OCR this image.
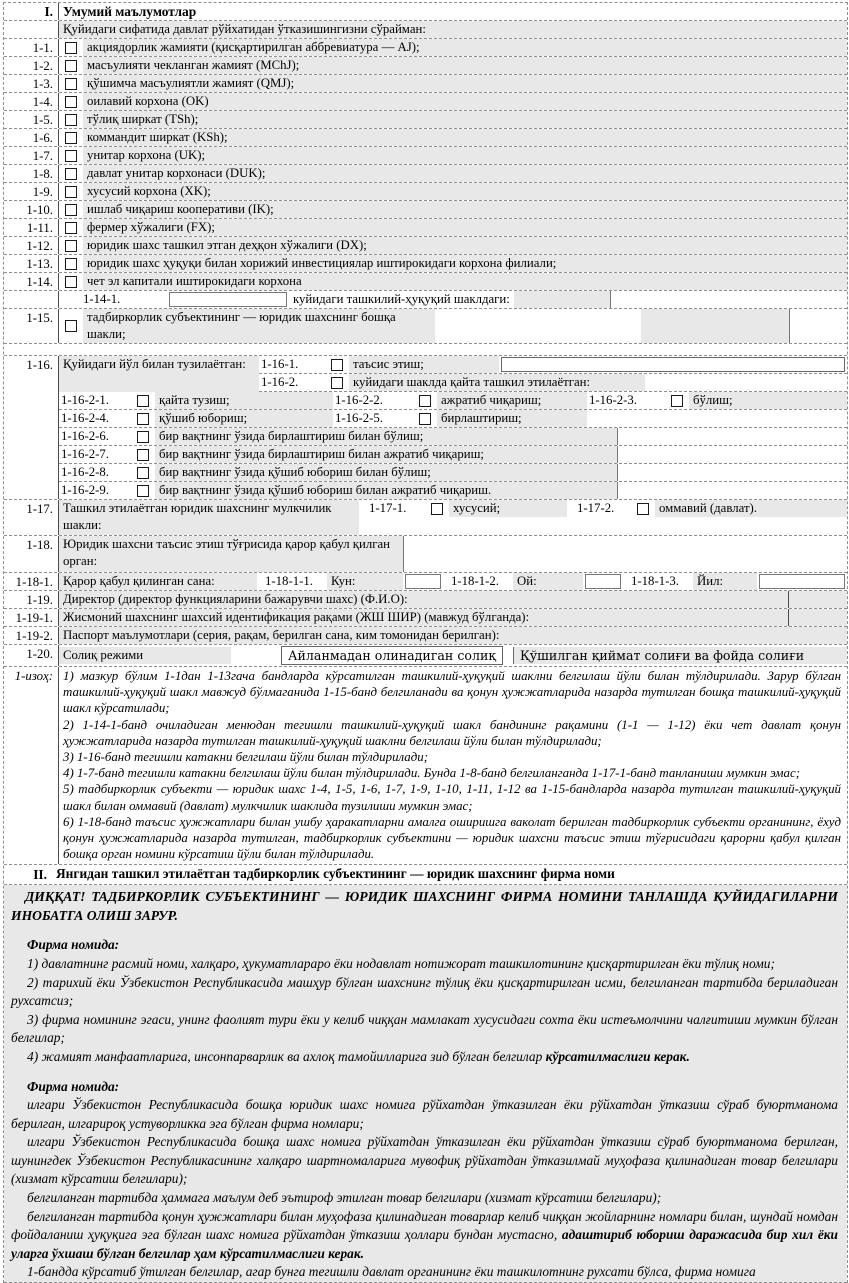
I. Умумий маълумотлар
Қуйидаги сифатида давлат рўйхатидан ўтказишингизни сўрайман:
1-1.	акциядорлик жамияти (қисқартирилган аббревиатура — AJ);
1-2.	масъулияти чекланган жамият (MChJ);
1-3.	қўшимча масъулиятли жамият (QMJ);
1-4.	оилавий корхона (OK)
1-5.	тўлиқ ширкат (TSh);
1-6.	коммандит ширкат (KSh);
1-7.	унитар корхона (UK);
1-8.	давлат унитар корхонаси (DUK);
1-9.	хусусий корхона (XK);
1-10.	ишлаб чиқариш кооперативи (IK);
1-11.	фермер хўжалиги (FX);
1-12.	юридик шахс ташкил этган деҳқон хўжалиги (DX);
1-13.	юридик шахс ҳуқуқи билан хорижий инвестициялар иштирокидаги корхона филиали;
1-14.	чет эл капитали иштирокидаги корхона
1-14-1.	куйидаги ташкилий-ҳуқуқий шаклдаги:
1-15.	тадбиркорлик субъектининг — юридик шахснинг бошқа шакли;
1-16. Қуйидаги йўл билан тузилаётган:	1-16-1.	таъсис этиш;
1-16-2.	куйидаги шаклда қайта ташкил этилаётган:
1-16-2-1.	қайта тузиш;	1-16-2-2.	ажратиб чиқариш;	1-16-2-3.	бўлиш;
1-16-2-4.	қўшиб юбориш;	1-16-2-5.	бирлаштириш;
1-16-2-6.	бир вақтнинг ўзида бирлаштириш билан бўлиш;
1-16-2-7.	бир вақтнинг ўзида бирлаштириш билан ажратиб чиқариш;
1-16-2-8.	бир вақтнинг ўзида қўшиб юбориш билан бўлиш;
1-16-2-9.	бир вақтнинг ўзида қўшиб юбориш билан ажратиб чиқариш.
1-17. Ташкил этилаётган юридик шахснинг мулкчилик шакли:
1-17-1.	хусусий;	1-17-2.	оммавий (давлат).
1-18. Юридик шахсни таъсис этиш тўғрисида қарор қабул қилган орган:
1-18-1. Қарор қабул қилинган сана:	1-18-1-1.	Кун:	1-18-1-2.	Ой:	1-18-1-3.	Йил:
1-19. Директор (директор функцияларини бажарувчи шахс) (Ф.И.О):
1-19-1. Жисмоний шахснинг шахсий идентификация рақами (ЖШ ШИР) (мавжуд бўлганда):
1-19-2. Паспорт маълумотлари (серия, рақам, берилган сана, ким томонидан берилган):
1-20. Солиқ режими	Айланмадан олинадиган солиқ	Қўшилган қиймат солиғи ва фойда солиғи
1-изоҳ: 1) мазкур бўлим 1-1дан 1-13гача бандларда кўрсатилган ташкилий-ҳуқуқий шаклни белгилаш йўли билан тўлдирилади. Зарур бўлган ташкилий-ҳуқуқий шакл мавжуд бўлмаганида 1-15-банд белгиланади ва қонун ҳужжатларида назарда тутилган бошқа ташкилий-ҳуқуқий шакл кўрсатилади;

2) 1-14-1-банд очиладиган менюдан тегишли ташкилий-ҳуқуқий шакл бандининг рақамини (1-1 — 1-12) ёки чет давлат қонун ҳужжатларида назарда тутилган ташкилий-ҳуқуқий шаклни белгилаш йўли билан тўлдирилади;

3) 1-16-банд тегишли катакни белгилаш йўли билан тўлдирилади;

4) 1-7-банд тегишли катакни белгилаш йўли билан тўлдирилади. Бунда 1-8-банд белгиланганда 1-17-1-банд танланиши мумкин эмас;

5) тадбиркорлик субъекти — юридик шахс 1-4, 1-5, 1-6, 1-7, 1-9, 1-10, 1-11, 1-12 ва 1-15-бандларда назарда тутилган ташкилий-ҳуқуқий шакл билан оммавий (давлат) мулкчилик шаклида тузилиши мумкин эмас;

6) 1-18-банд таъсис ҳужжатлари билан ушбу ҳаракатларни амалга оширишга ваколат берилган тадбиркорлик субъекти органининг, ёхуд қонун ҳужжатларида назарда тутилган, тадбиркорлик субъектини — юридик шахсни таъсис этиш тўғрисидаги қарорни қабул қилган бошқа орган номини кўрсатиш йўли билан тўлдирилади.

II. Янгидан ташкил этилаётган тадбиркорлик субъектининг — юридик шахснинг фирма номи

ДИҚҚАТ! ТАДБИРКОРЛИК СУБЪЕКТИНИНГ — ЮРИДИК ШАХСНИНГ ФИРМА НОМИНИ ТАНЛАШДА ҚУЙИДАГИЛАРНИ ИНОБАТГА ОЛИШ ЗАРУР.

Фирма номида:

1) давлатнинг расмий номи, халқаро, ҳукуматлараро ёки нодавлат нотижорат ташкилотининг қисқартирилган ёки тўлиқ номи;

2) тарихий ёки Ўзбекистон Республикасида машҳур бўлган шахснинг тўлиқ ёки қисқартирилган исми, белгиланган тартибда бериладиган рухсатсиз;

3) фирма номининг эгаси, унинг фаолият тури ёки у келиб чиққан мамлакат хусусидаги сохта ёки истеъмолчини чалғитиши мумкин бўлган белгилар;

4) жамият манфаатларига, инсонпарварлик ва ахлоқ тамойилларига зид бўлган белгилар кўрсатилмаслиги керак.

Фирма номида:

илгари Ўзбекистон Республикасида бошқа юридик шахс номига рўйхатдан ўтказилган ёки рўйхатдан ўтказиш сўраб буюртманома берилган, илгарироқ устуворликка эга бўлган фирма номлари;

илгари Ўзбекистон Республикасида бошқа шахс номига рўйхатдан ўтказилган ёки рўйхатдан ўтказиш сўраб буюртманома берилган, шунингдек Ўзбекистон Республикасининг халқаро шартномаларига мувофиқ рўйхатдан ўтказилмай муҳофаза қилинадиган товар белгилари (хизмат кўрсатиш белгилари);

белгиланган тартибда ҳаммага маълум деб эътироф этилган товар белгилари (хизмат кўрсатиш белгилари);

белгиланган тартибда қонун ҳужжатлари билан муҳофаза қилинадиган товарлар келиб чиққан жойларнинг номлари билан, шундай номдан фойдаланиш ҳуқуқига эга бўлган шахс номига рўйхатдан ўтказиш ҳоллари бундан мустасно, адаштириб юбориш даражасида бир хил ёки уларга ўхшаш бўлган белгилар ҳам кўрсатилмаслиги керак.

1-бандда кўрсатиб ўтилган белгилар, агар бунга тегишли давлат органининг ёки ташкилотнинг рухсати бўлса, фирма номига
